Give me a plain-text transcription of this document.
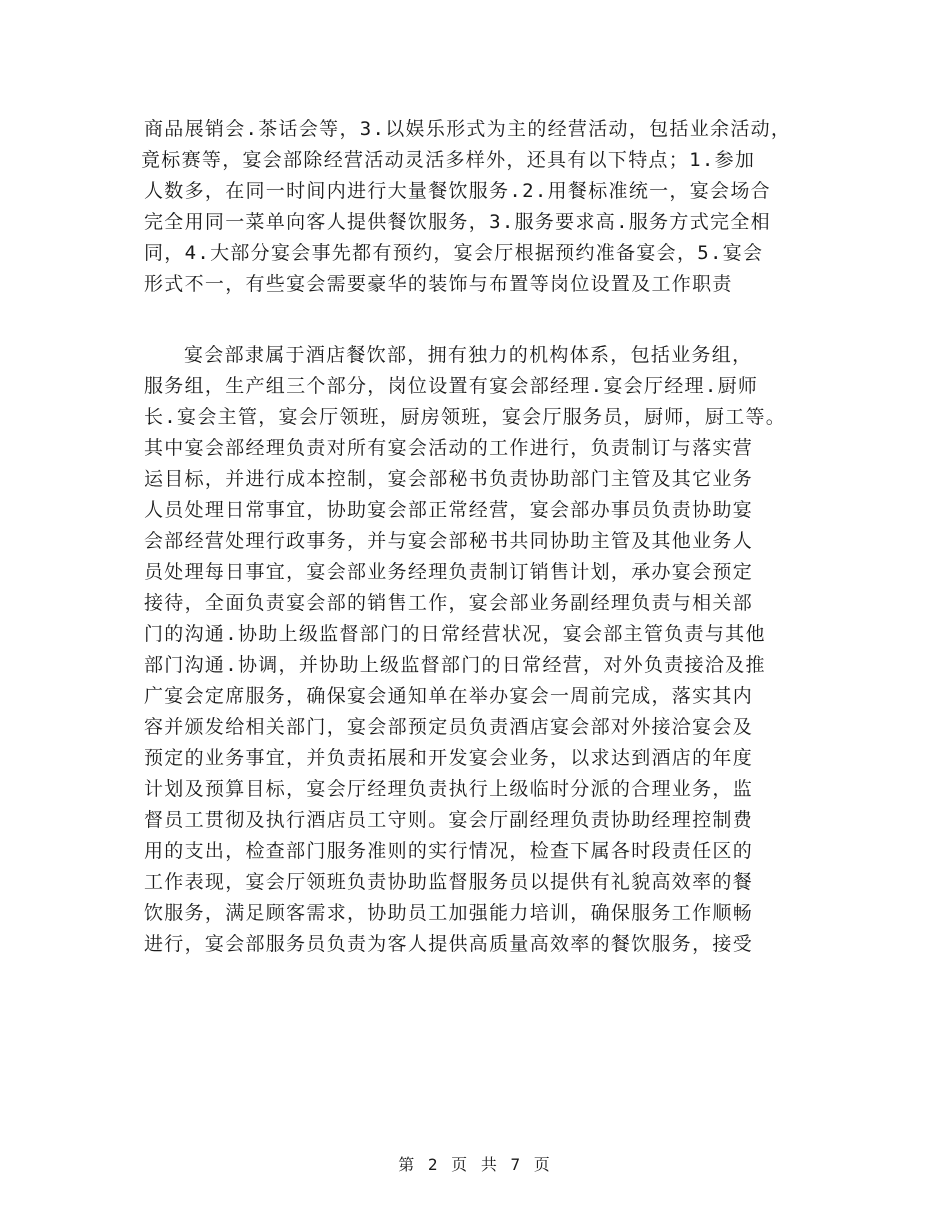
商品展销会.茶话会等，3.以娱乐形式为主的经营活动，包括业余活动，
竟标赛等，宴会部除经营活动灵活多样外，还具有以下特点；1.参加
人数多，在同一时间内进行大量餐饮服务.2.用餐标准统一，宴会场合
完全用同一菜单向客人提供餐饮服务，3.服务要求高.服务方式完全相
同，4.大部分宴会事先都有预约，宴会厅根据预约准备宴会，5.宴会
形式不一，有些宴会需要豪华的装饰与布置等岗位设置及工作职责
宴会部隶属于酒店餐饮部，拥有独力的机构体系，包括业务组，
服务组，生产组三个部分，岗位设置有宴会部经理.宴会厅经理.厨师
长.宴会主管，宴会厅领班，厨房领班，宴会厅服务员，厨师，厨工等。
其中宴会部经理负责对所有宴会活动的工作进行，负责制订与落实营
运目标，并进行成本控制，宴会部秘书负责协助部门主管及其它业务
人员处理日常事宜，协助宴会部正常经营，宴会部办事员负责协助宴
会部经营处理行政事务，并与宴会部秘书共同协助主管及其他业务人
员处理每日事宜，宴会部业务经理负责制订销售计划，承办宴会预定
接待，全面负责宴会部的销售工作，宴会部业务副经理负责与相关部
门的沟通.协助上级监督部门的日常经营状况，宴会部主管负责与其他
部门沟通.协调，并协助上级监督部门的日常经营，对外负责接洽及推
广宴会定席服务，确保宴会通知单在举办宴会一周前完成，落实其内
容并颁发给相关部门，宴会部预定员负责酒店宴会部对外接洽宴会及
预定的业务事宜，并负责拓展和开发宴会业务，以求达到酒店的年度
计划及预算目标，宴会厅经理负责执行上级临时分派的合理业务，监
督员工贯彻及执行酒店员工守则。宴会厅副经理负责协助经理控制费
用的支出，检查部门服务准则的实行情况，检查下属各时段责任区的
工作表现，宴会厅领班负责协助监督服务员以提供有礼貌高效率的餐
饮服务，满足顾客需求，协助员工加强能力培训，确保服务工作顺畅
进行，宴会部服务员负责为客人提供高质量高效率的餐饮服务，接受
第 2 页 共 7 页
